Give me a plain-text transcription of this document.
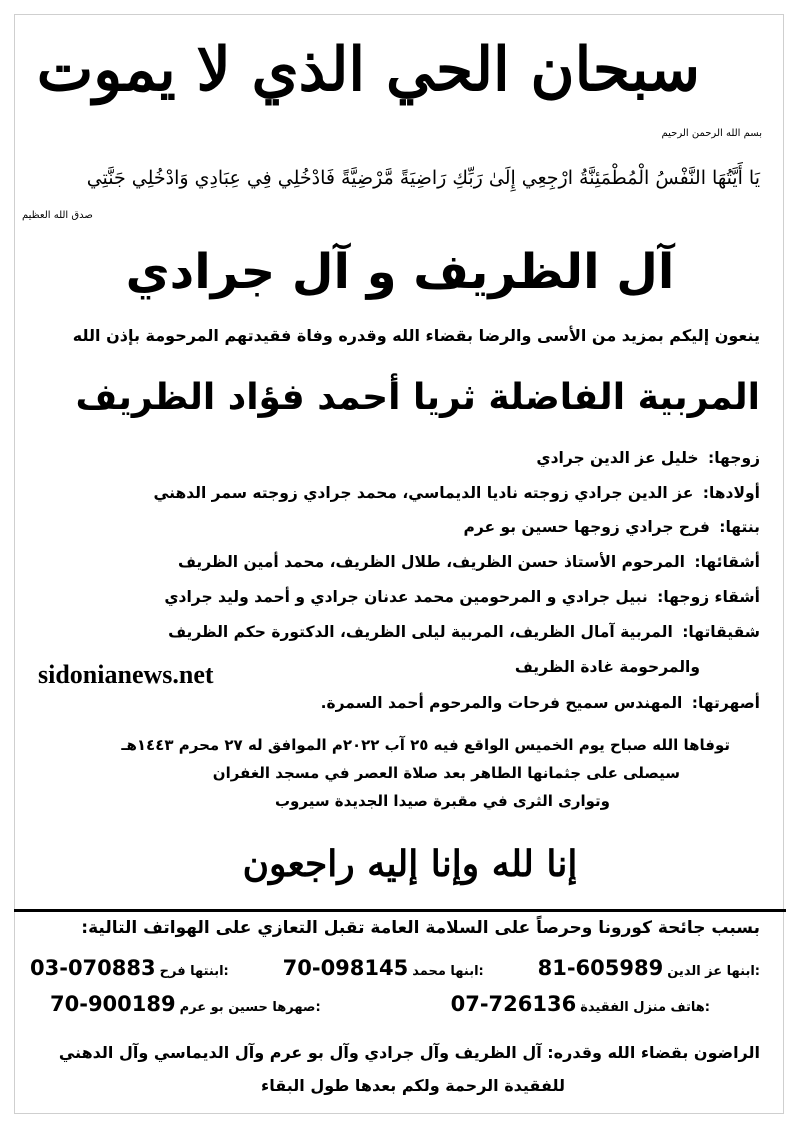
سبحان الحي الذي لا يموت
بسم الله الرحمن الرحيم
يَا أَيَّتُهَا النَّفْسُ الْمُطْمَئِنَّةُ ارْجِعِي إِلَىٰ رَبِّكِ رَاضِيَةً مَّرْضِيَّةً فَادْخُلِي فِي عِبَادِي وَادْخُلِي جَنَّتِي
صدق الله العظيم
آل الظريف و آل جرادي
ينعون إليكم بمزيد من الأسى والرضا بقضاء الله وقدره وفاة فقيدتهم المرحومة بإذن الله
المربية الفاضلة ثريا أحمد فؤاد الظريف
زوجها: خليل عز الدين جرادي
أولادها: عز الدين جرادي زوجته ناديا الديماسي، محمد جرادي زوجته سمر الدهني
بنتها: فرح جرادي زوجها حسين بو عرم
أشقائها: المرحوم الأستاذ حسن الظريف، طلال الظريف، محمد أمين الظريف
أشقاء زوجها: نبيل جرادي و المرحومين محمد عدنان جرادي و أحمد وليد جرادي
شقيقاتها: المربية آمال الظريف، المربية ليلى الظريف، الدكتورة حكم الظريف
والمرحومة غادة الظريف
أصهرتها: المهندس سميح فرحات والمرحوم أحمد السمرة.
sidonianews.net
توفاها الله صباح يوم الخميس الواقع فيه ٢٥ آب ٢٠٢٢م الموافق له ٢٧ محرم ١٤٤٣هـ
سيصلى على جثمانها الطاهر بعد صلاة العصر في مسجد الغفران
وتوارى الثرى في مقبرة صيدا الجديدة سيروب
إنا لله وإنا إليه راجعون
بسبب جائحة كورونا وحرصاً على السلامة العامة تقبل التعازي على الهواتف التالية:
ابنها عز الدين:
81-605989
ابنها محمد:
70-098145
ابنتها فرح:
03-070883
هاتف منزل الفقيدة:
07-726136
صهرها حسين بو عرم:
70-900189
الراضون بقضاء الله وقدره: آل الظريف وآل جرادي وآل بو عرم وآل الديماسي وآل الدهني
للفقيدة الرحمة ولكم بعدها طول البقاء
